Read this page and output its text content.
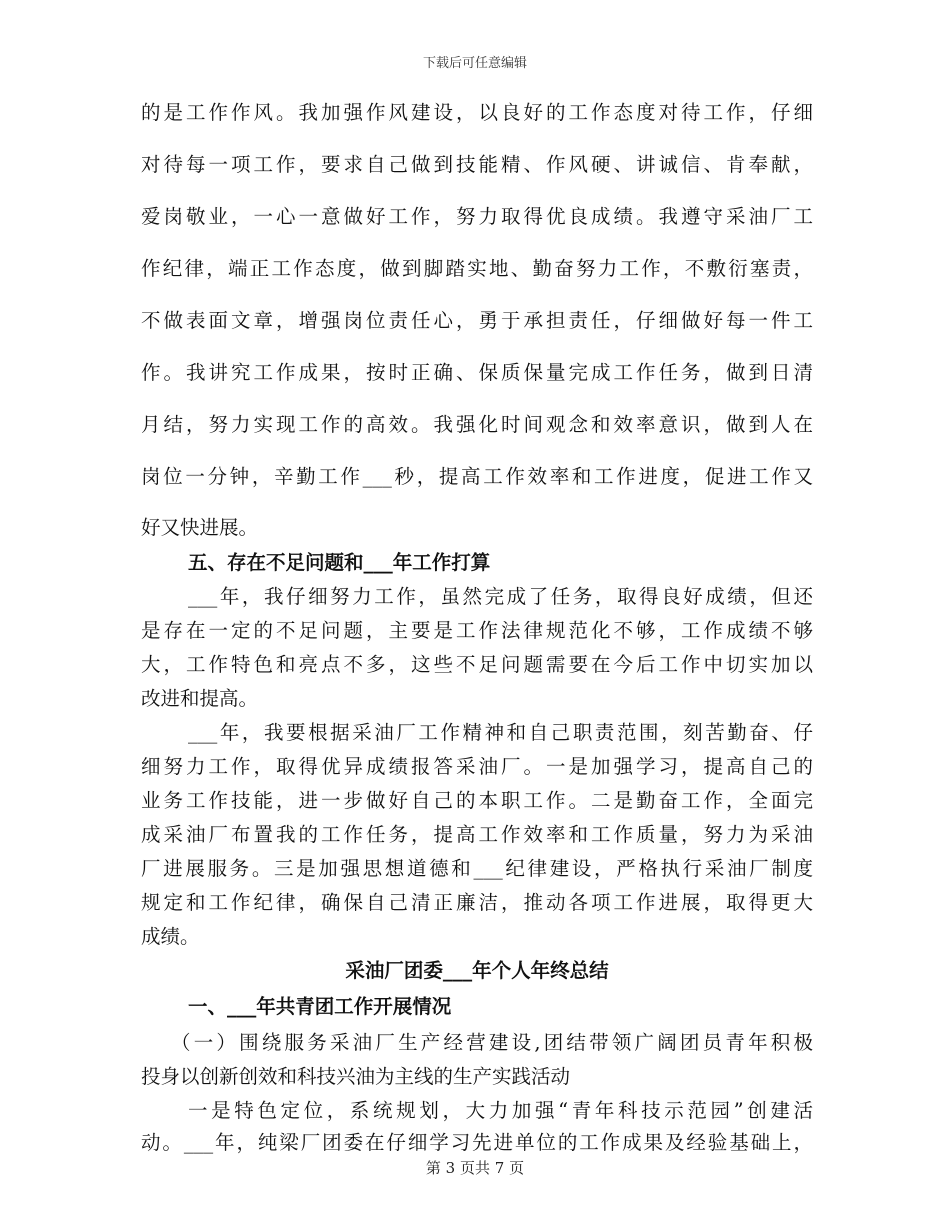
下载后可任意编辑
的是工作作风。我加强作风建设，以良好的工作态度对待工作，仔细
对待每一项工作，要求自己做到技能精、作风硬、讲诚信、肯奉献，
爱岗敬业，一心一意做好工作，努力取得优良成绩。我遵守采油厂工
作纪律，端正工作态度，做到脚踏实地、勤奋努力工作，不敷衍塞责，
不做表面文章，增强岗位责任心，勇于承担责任，仔细做好每一件工
作。我讲究工作成果，按时正确、保质保量完成工作任务，做到日清
月结，努力实现工作的高效。我强化时间观念和效率意识，做到人在
岗位一分钟，辛勤工作___秒，提高工作效率和工作进度，促进工作又
好又快进展。
五、存在不足问题和___年工作打算
___年，我仔细努力工作，虽然完成了任务，取得良好成绩，但还
是存在一定的不足问题，主要是工作法律规范化不够，工作成绩不够
大，工作特色和亮点不多，这些不足问题需要在今后工作中切实加以
改进和提高。
___年，我要根据采油厂工作精神和自己职责范围，刻苦勤奋、仔
细努力工作，取得优异成绩报答采油厂。一是加强学习，提高自己的
业务工作技能，进一步做好自己的本职工作。二是勤奋工作，全面完
成采油厂布置我的工作任务，提高工作效率和工作质量，努力为采油
厂进展服务。三是加强思想道德和___纪律建设，严格执行采油厂制度
规定和工作纪律，确保自己清正廉洁，推动各项工作进展，取得更大
成绩。
采油厂团委___年个人年终总结
一、___年共青团工作开展情况
（一）围绕服务采油厂生产经营建设,团结带领广阔团员青年积极
投身以创新创效和科技兴油为主线的生产实践活动
一是特色定位，系统规划，大力加强“青年科技示范园”创建活
动。___年，纯梁厂团委在仔细学习先进单位的工作成果及经验基础上，
第 3 页共 7 页
